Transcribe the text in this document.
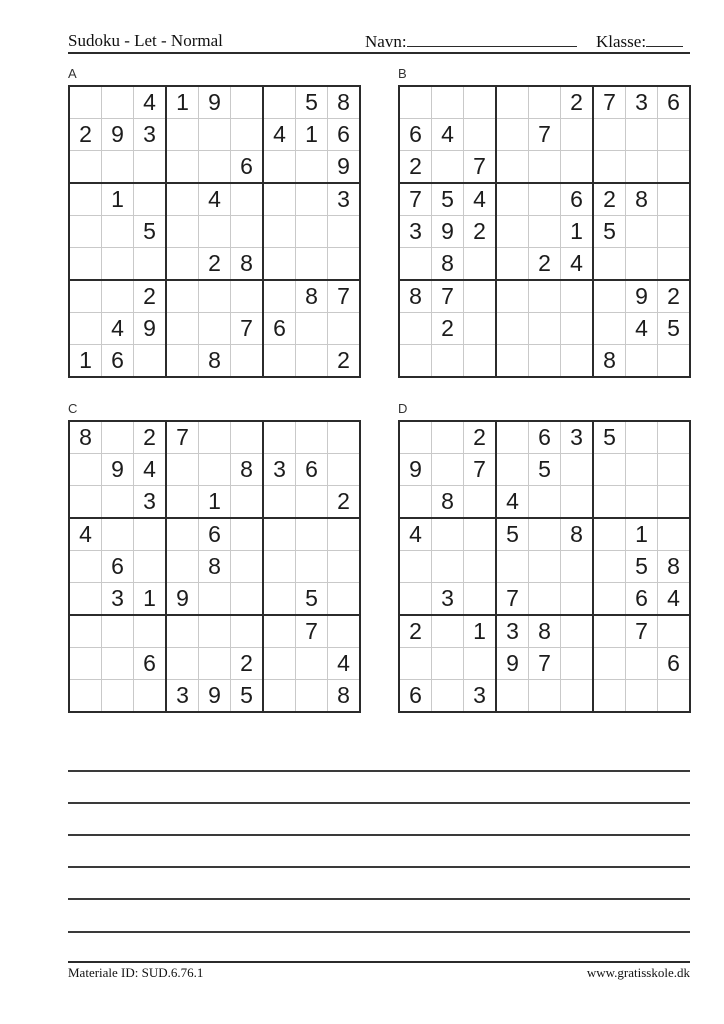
Sudoku - Let - Normal	Navn:	Klasse:
A
		4	1	9			5	8
2	9	3				4	1	6
					6			9
	1			4				3
		5						
				2	8			
		2					8	7
	4	9			7	6		
1	6			8				2
B
					2	7	3	6
6	4			7				
2		7						
7	5	4			6	2	8	
3	9	2			1	5		
	8			2	4			
8	7						9	2
	2						4	5
						8		
C
8		2	7					
	9	4			8	3	6	
		3		1				2
4				6				
	6			8				
	3	1	9				5	
							7	
		6			2			4
			3	9	5			8
D
		2		6	3	5		
9		7		5				
	8		4					
4			5		8		1	
							5	8
	3		7				6	4
2		1	3	8			7	
			9	7				6
6		3						
Materiale ID: SUD.6.76.1	www.gratisskole.dk
